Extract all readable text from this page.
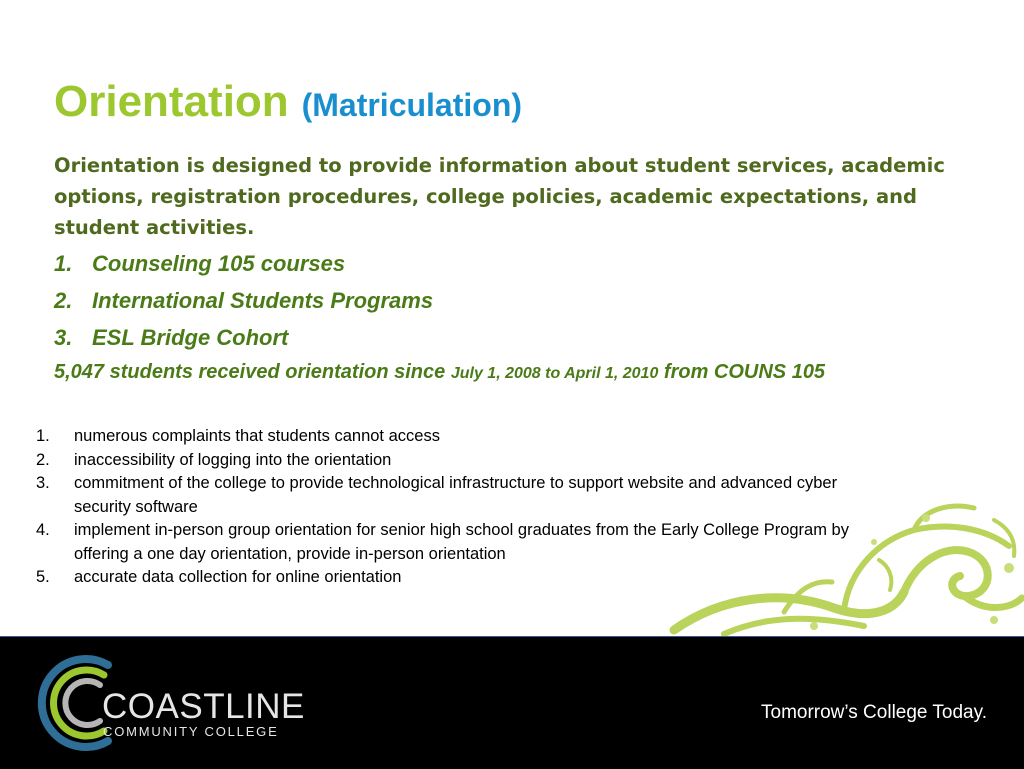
Orientation (Matriculation)

Orientation is designed to provide information about student services, academic options, registration procedures, college policies, academic expectations, and student activities.

1. Counseling 105 courses
2. International Students Programs
3. ESL Bridge Cohort

5,047 students received orientation since July 1, 2008 to April 1, 2010 from COUNS 105

1.	numerous complaints that students cannot access
2.	inaccessibility of logging into the orientation
3.	commitment of the college to provide technological infrastructure to support website and advanced cyber security software
4.	implement in-person group orientation for senior high school graduates from the Early College Program by offering a one day orientation, provide in-person orientation
5.	accurate data collection for online orientation
COASTLINE
COMMUNITY COLLEGE
Tomorrow’s College Today.
